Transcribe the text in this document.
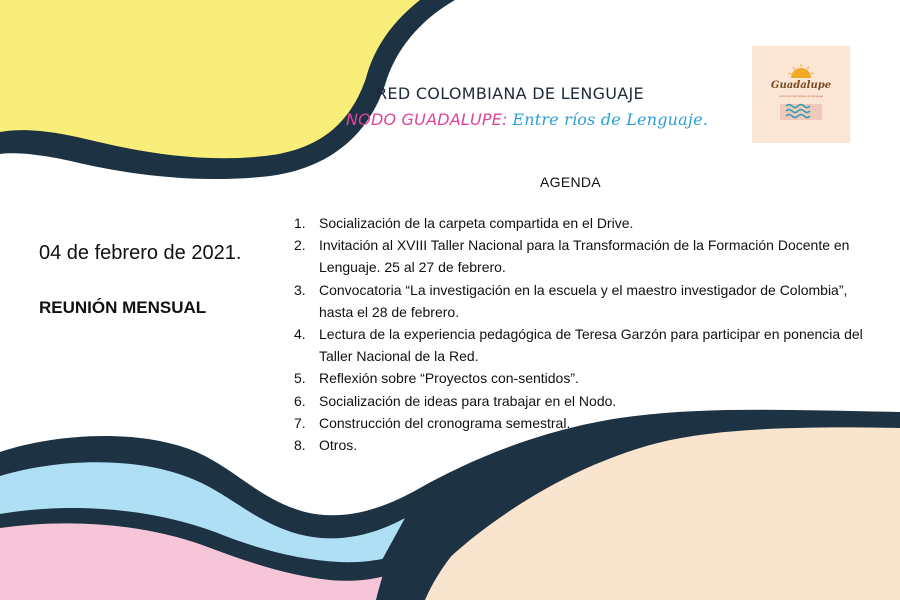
RED COLOMBIANA DE LENGUAJE
NODO GUADALUPE: Entre ríos de Lenguaje.
Guadalupe
nodo red colombiana de lenguaje
AGENDA
04 de febrero de 2021.
REUNIÓN MENSUAL
1. Socialización de la carpeta compartida en el Drive.
2. Invitación al XVIII Taller Nacional para la Transformación de la Formación Docente en Lenguaje. 25 al 27 de febrero.
3. Convocatoria “La investigación en la escuela y el maestro investigador de Colombia”, hasta el 28 de febrero.
4. Lectura de la experiencia pedagógica de Teresa Garzón para participar en ponencia del Taller Nacional de la Red.
5. Reflexión sobre “Proyectos con-sentidos”.
6. Socialización de ideas para trabajar en el Nodo.
7. Construcción del cronograma semestral.
8. Otros.
